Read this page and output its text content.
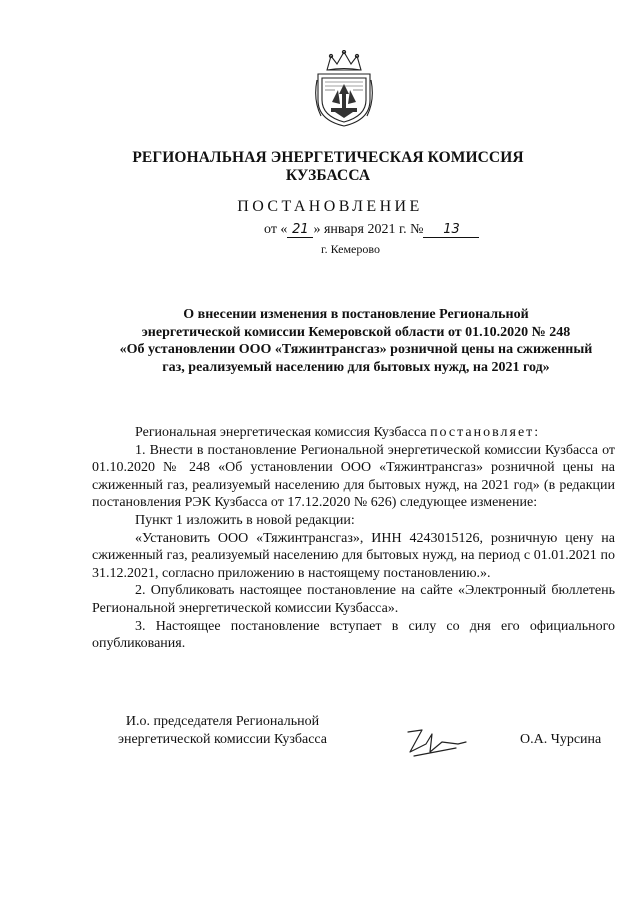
РЕГИОНАЛЬНАЯ ЭНЕРГЕТИЧЕСКАЯ КОМИССИЯ
КУЗБАССА
ПОСТАНОВЛЕНИЕ
от « 21 » января 2021 г. № 13
г. Кемерово
О внесении изменения в постановление Региональной
энергетической комиссии Кемеровской области от 01.10.2020 № 248
«Об установлении ООО «Тяжинтрансгаз» розничной цены на сжиженный
газ, реализуемый населению для бытовых нужд, на 2021 год»

Региональная энергетическая комиссия Кузбасса постановляет:

1. Внести в постановление Региональной энергетической комиссии Кузбасса от 01.10.2020 № 248 «Об установлении ООО «Тяжинтрансгаз» розничной цены на сжиженный газ, реализуемый населению для бытовых нужд, на 2021 год» (в редакции постановления РЭК Кузбасса от 17.12.2020 № 626) следующее изменение:

Пункт 1 изложить в новой редакции:

«Установить ООО «Тяжинтрансгаз», ИНН 4243015126, розничную цену на сжиженный газ, реализуемый населению для бытовых нужд, на период с 01.01.2021 по 31.12.2021, согласно приложению в настоящему постановлению.».

2. Опубликовать настоящее постановление на сайте «Электронный бюллетень Региональной энергетической комиссии Кузбасса».

3. Настоящее постановление вступает в силу со дня его официального опубликования.

И.о. председателя Региональной
энергетической комиссии Кузбасса	О.А. Чурсина
